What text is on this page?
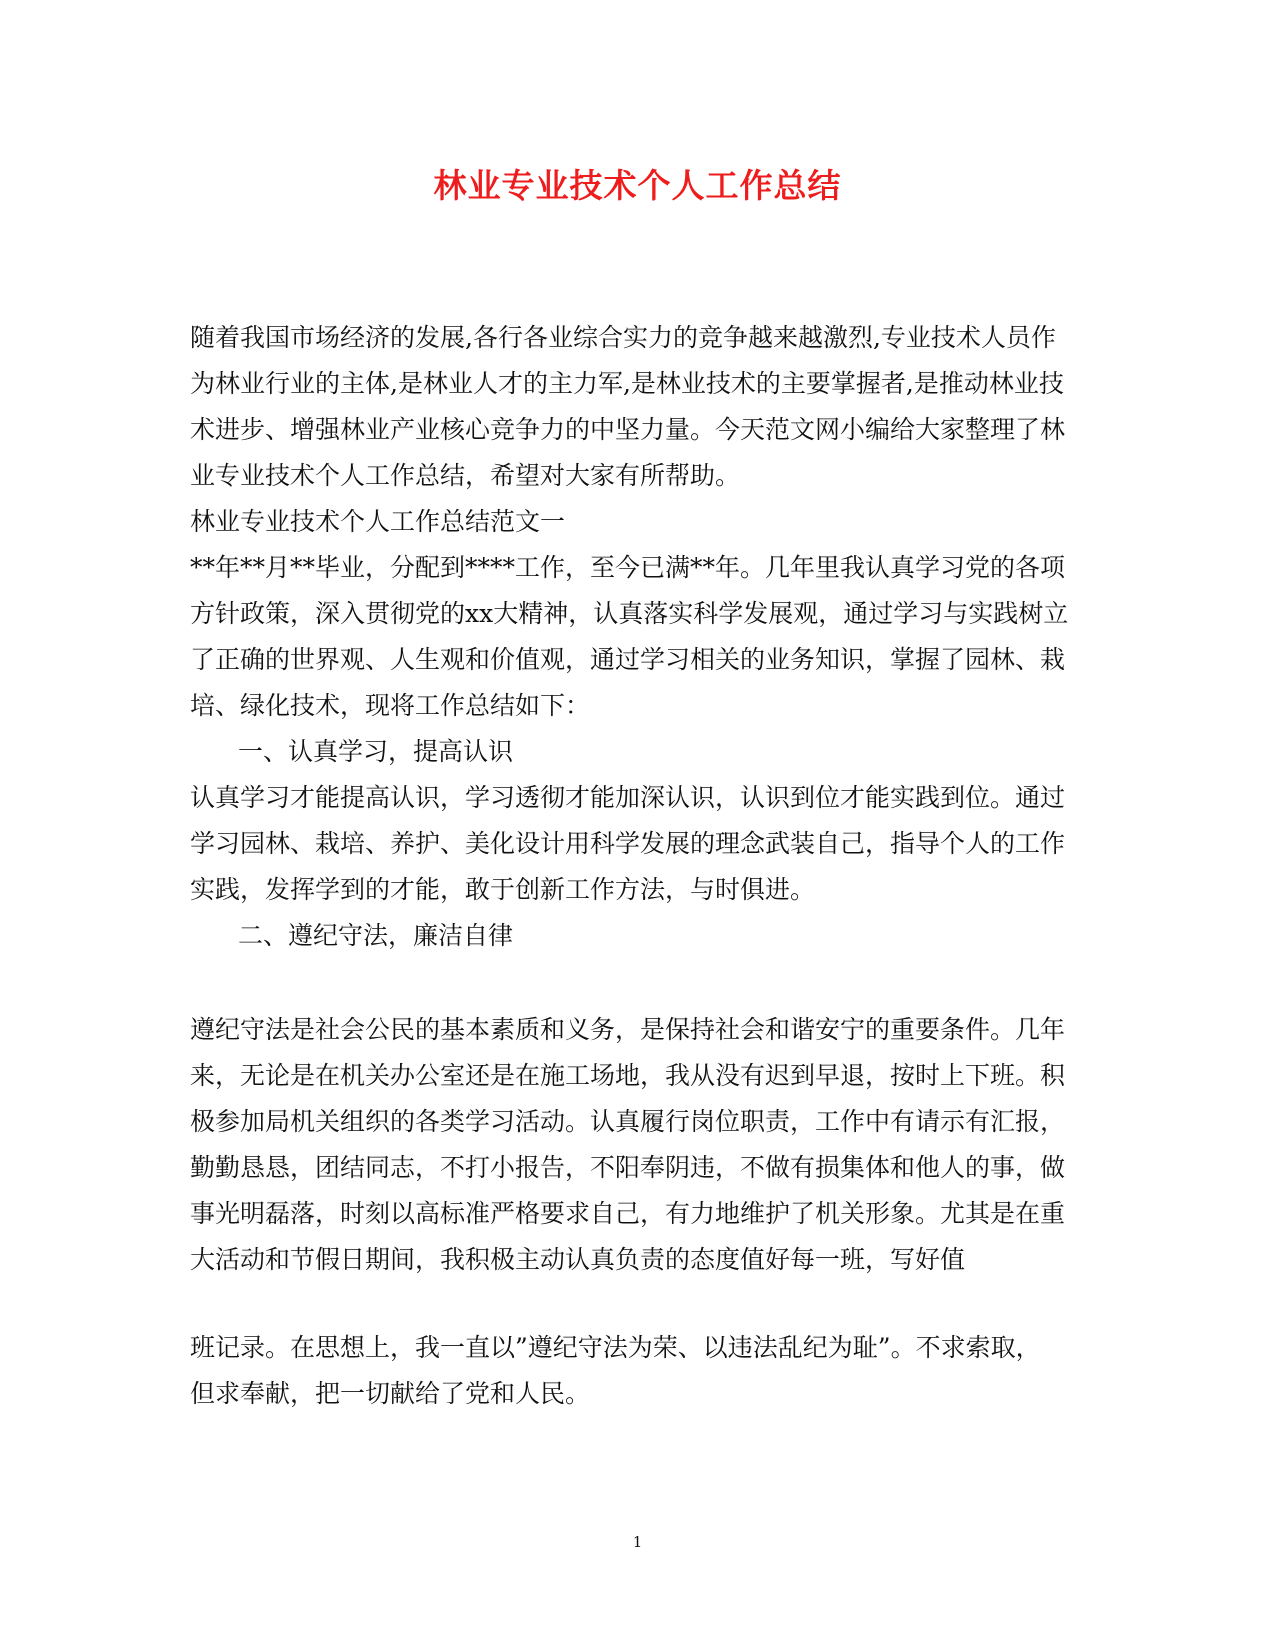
林业专业技术个人工作总结
随着我国市场经济的发展,各行各业综合实力的竞争越来越激烈,专业技术人员作
为林业行业的主体,是林业人才的主力军,是林业技术的主要掌握者,是推动林业技
术进步、增强林业产业核心竞争力的中坚力量。今天范文网小编给大家整理了林
业专业技术个人工作总结，希望对大家有所帮助。
林业专业技术个人工作总结范文一
**年**月**毕业，分配到****工作，至今已满**年。几年里我认真学习党的各项
方针政策，深入贯彻党的xx大精神，认真落实科学发展观，通过学习与实践树立
了正确的世界观、人生观和价值观，通过学习相关的业务知识，掌握了园林、栽
培、绿化技术，现将工作总结如下：
一、认真学习，提高认识
认真学习才能提高认识，学习透彻才能加深认识，认识到位才能实践到位。通过
学习园林、栽培、养护、美化设计用科学发展的理念武装自己，指导个人的工作
实践，发挥学到的才能，敢于创新工作方法，与时俱进。
二、遵纪守法，廉洁自律
遵纪守法是社会公民的基本素质和义务，是保持社会和谐安宁的重要条件。几年
来，无论是在机关办公室还是在施工场地，我从没有迟到早退，按时上下班。积
极参加局机关组织的各类学习活动。认真履行岗位职责，工作中有请示有汇报，
勤勤恳恳，团结同志，不打小报告，不阳奉阴违，不做有损集体和他人的事，做
事光明磊落，时刻以高标准严格要求自己，有力地维护了机关形象。尤其是在重
大活动和节假日期间，我积极主动认真负责的态度值好每一班，写好值
班记录。在思想上，我一直以”遵纪守法为荣、以违法乱纪为耻”。不求索取，
但求奉献，把一切献给了党和人民。
1
